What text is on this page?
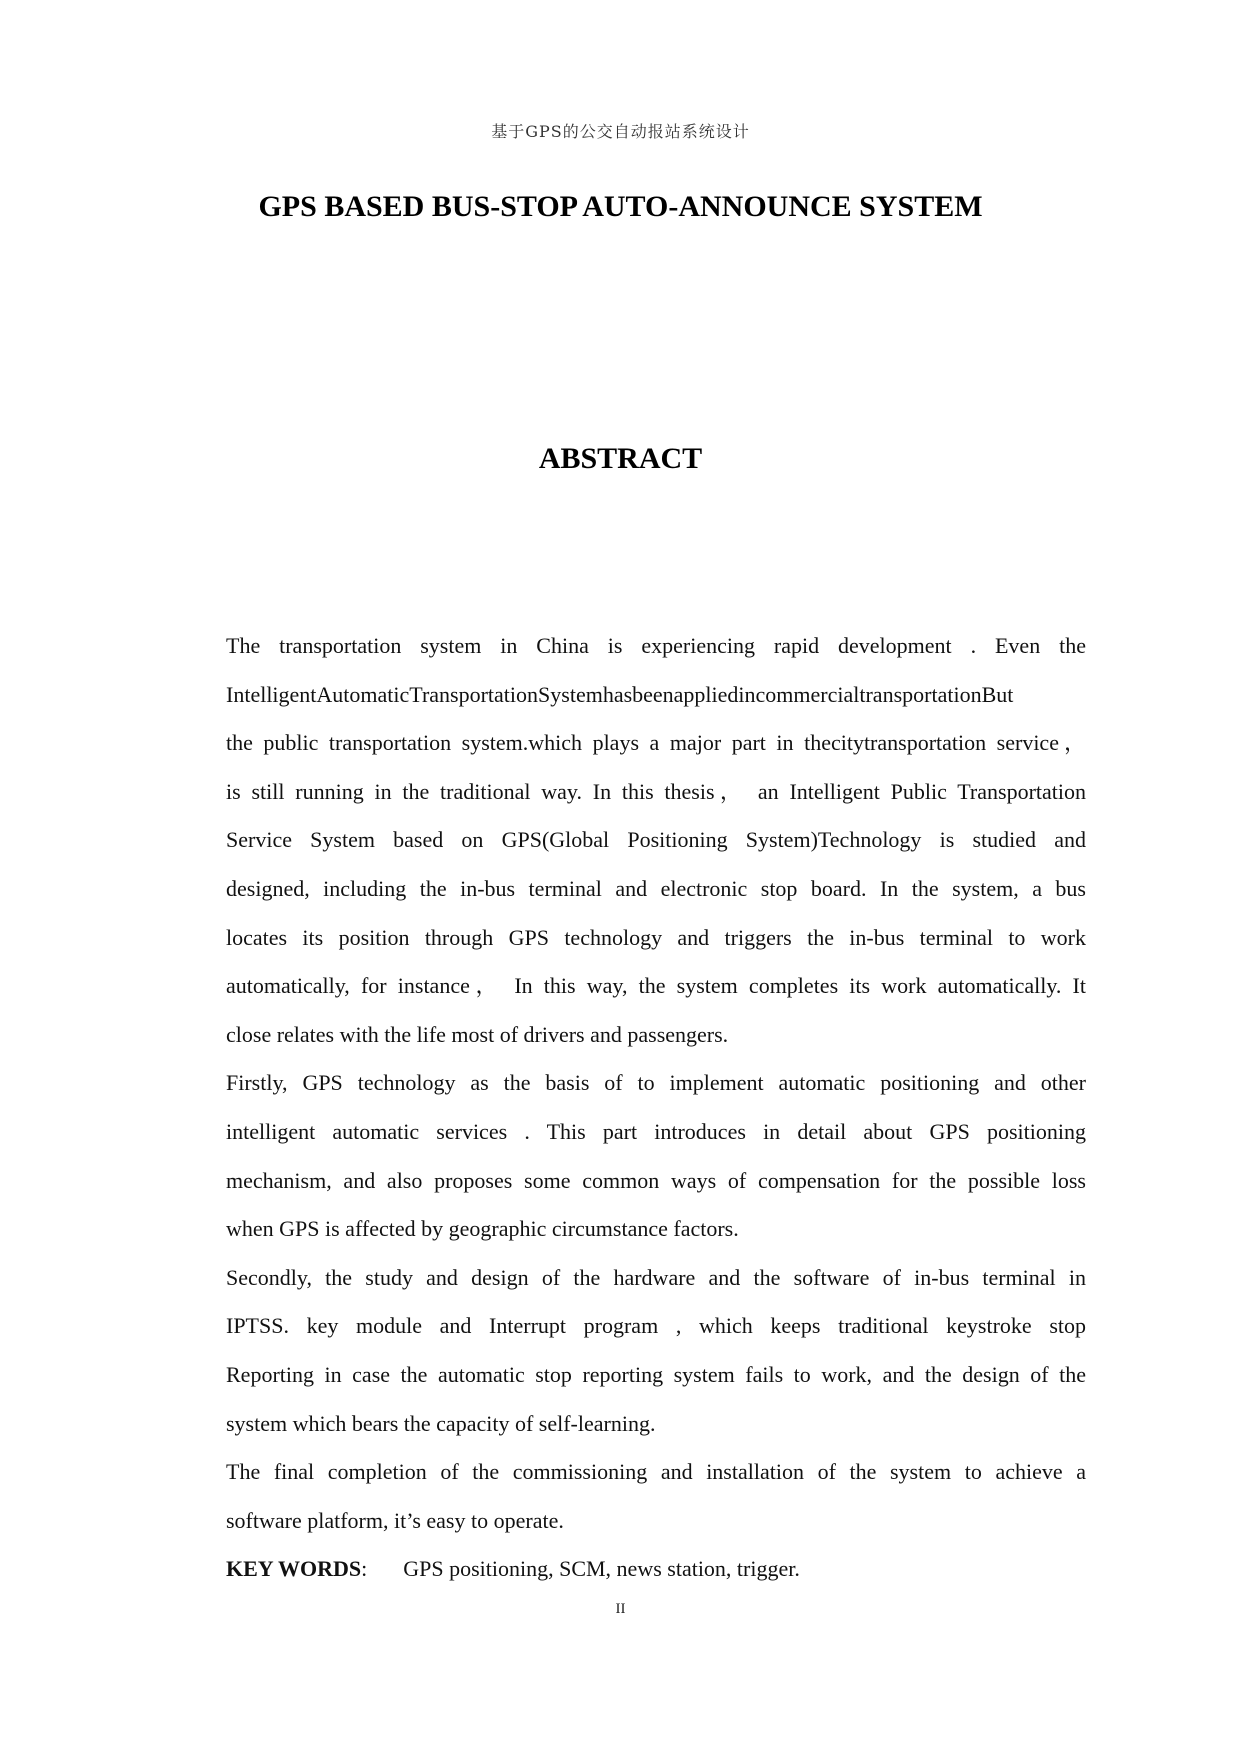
基于GPS的公交自动报站系统设计
GPS BASED BUS-STOP AUTO-ANNOUNCE SYSTEM
ABSTRACT

The transportation system in China is experiencing rapid development . Even the
IntelligentAutomaticTransportationSystemhasbeenappliedincommercialtransportationBut
the public transportation system.which plays a major part in thecitytransportation service，
is still running in the traditional way. In this thesis， an Intelligent Public Transportation
Service System based on GPS(Global Positioning System)Technology is studied and
designed, including the in-bus terminal and electronic stop board. In the system, a bus
locates its position through GPS technology and triggers the in-bus terminal to work
automatically, for instance， In this way, the system completes its work automatically. It
close relates with the life most of drivers and passengers.

Firstly, GPS technology as the basis of to implement automatic positioning and other
intelligent automatic services . This part introduces in detail about GPS positioning
mechanism, and also proposes some common ways of compensation for the possible loss
when GPS is affected by geographic circumstance factors.

Secondly, the study and design of the hardware and the software of in-bus terminal in
IPTSS. key module and Interrupt program , which keeps traditional keystroke stop
Reporting in case the automatic stop reporting system fails to work, and the design of the
system which bears the capacity of self-learning.

The final completion of the commissioning and installation of the system to achieve a
software platform, it’s easy to operate.

KEY WORDS: GPS positioning, SCM, news station, trigger.

II
